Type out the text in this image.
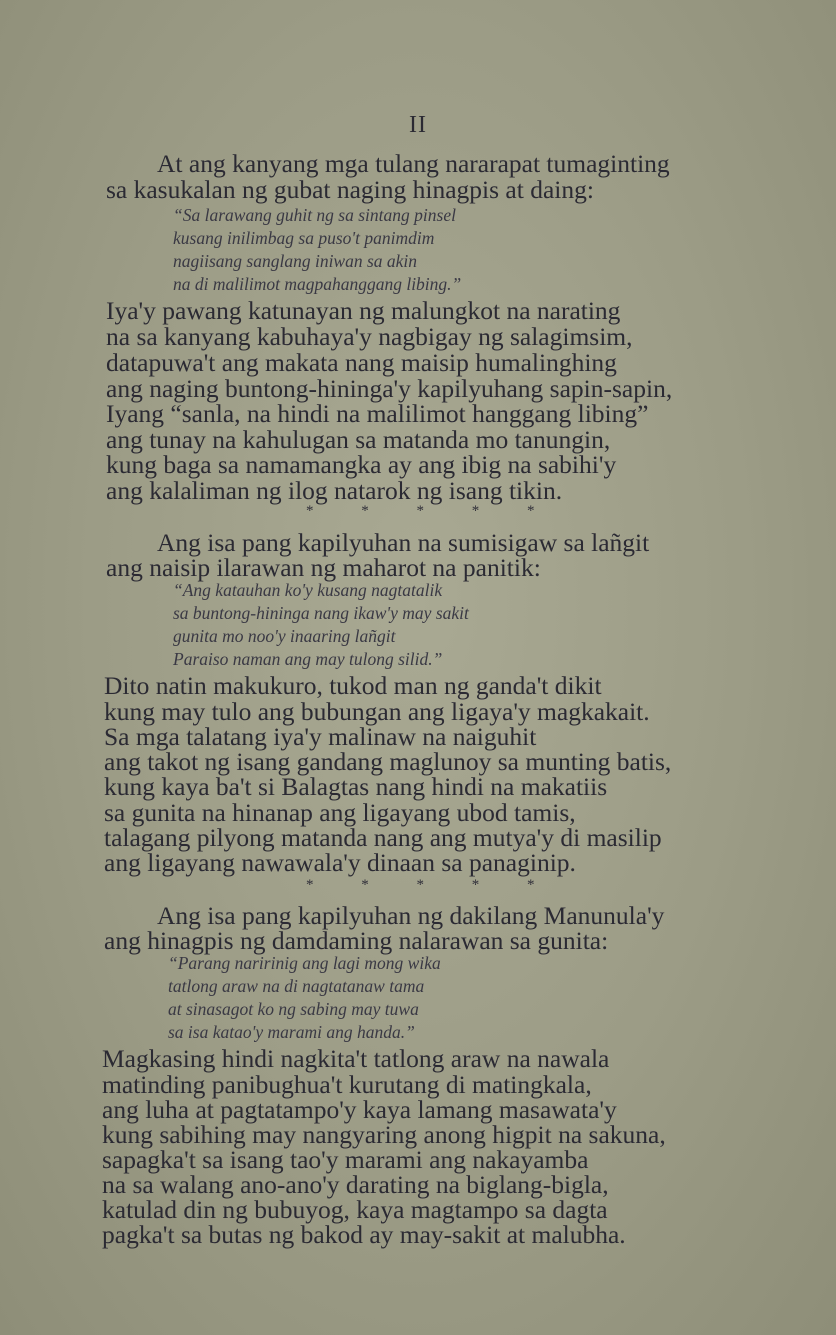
II
At ang kanyang mga tulang nararapat tumaginting
sa kasukalan ng gubat naging hinagpis at daing:
“Sa larawang guhit ng sa sintang pinsel
kusang inilimbag sa puso't panimdim
nagiisang sanglang iniwan sa akin
na di malilimot magpahanggang libing.”
Iya'y pawang katunayan ng malungkot na narating
na sa kanyang kabuhaya'y nagbigay ng salagimsim,
datapuwa't ang makata nang maisip humalinghing
ang naging buntong-hininga'y kapilyuhang sapin-sapin,
Iyang “sanla, na hindi na malilimot hanggang libing”
ang tunay na kahulugan sa matanda mo tanungin,
kung baga sa namamangka ay ang ibig na sabihi'y
ang kalaliman ng ilog natarok ng isang tikin.
* * * * *
Ang isa pang kapilyuhan na sumisigaw sa lañgit
ang naisip ilarawan ng maharot na panitik:
“Ang katauhan ko'y kusang nagtatalik
sa buntong-hininga nang ikaw'y may sakit
gunita mo noo'y inaaring lañgit
Paraiso naman ang may tulong silid.”
Dito natin makukuro, tukod man ng ganda't dikit
kung may tulo ang bubungan ang ligaya'y magkakait.
Sa mga talatang iya'y malinaw na naiguhit
ang takot ng isang gandang maglunoy sa munting batis,
kung kaya ba't si Balagtas nang hindi na makatiis
sa gunita na hinanap ang ligayang ubod tamis,
talagang pilyong matanda nang ang mutya'y di masilip
ang ligayang nawawala'y dinaan sa panaginip.
* * * * *
Ang isa pang kapilyuhan ng dakilang Manunula'y
ang hinagpis ng damdaming nalarawan sa gunita:
“Parang naririnig ang lagi mong wika
tatlong araw na di nagtatanaw tama
at sinasagot ko ng sabing may tuwa
sa isa katao'y marami ang handa.”
Magkasing hindi nagkita't tatlong araw na nawala
matinding panibughua't kurutang di matingkala,
ang luha at pagtatampo'y kaya lamang masawata'y
kung sabihing may nangyaring anong higpit na sakuna,
sapagka't sa isang tao'y marami ang nakayamba
na sa walang ano-ano'y darating na biglang-bigla,
katulad din ng bubuyog, kaya magtampo sa dagta
pagka't sa butas ng bakod ay may-sakit at malubha.
